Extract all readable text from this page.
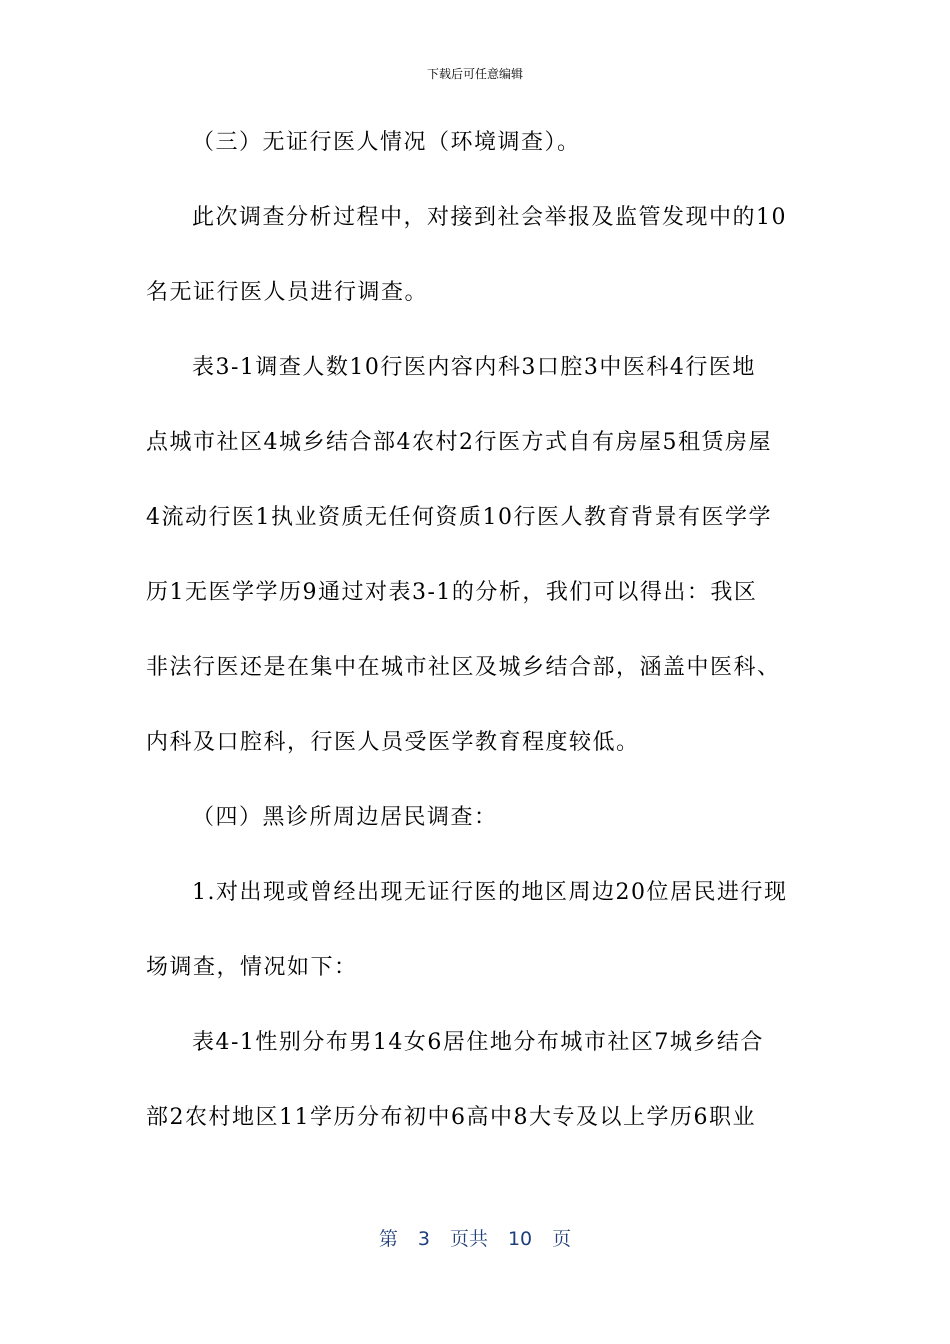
下载后可任意编辑
（三）无证行医人情况（环境调查）。
此次调查分析过程中，对接到社会举报及监管发现中的10
名无证行医人员进行调查。
表3-1调查人数10行医内容内科3口腔3中医科4行医地
点城市社区4城乡结合部4农村2行医方式自有房屋5租赁房屋
4流动行医1执业资质无任何资质10行医人教育背景有医学学
历1无医学学历9通过对表3-1的分析，我们可以得出：我区
非法行医还是在集中在城市社区及城乡结合部，涵盖中医科、
内科及口腔科，行医人员受医学教育程度较低。
（四）黑诊所周边居民调查：
1.对出现或曾经出现无证行医的地区周边20位居民进行现
场调查，情况如下：
表4-1性别分布男14女6居住地分布城市社区7城乡结合
部2农村地区11学历分布初中6高中8大专及以上学历6职业
第 3 页共 10 页
